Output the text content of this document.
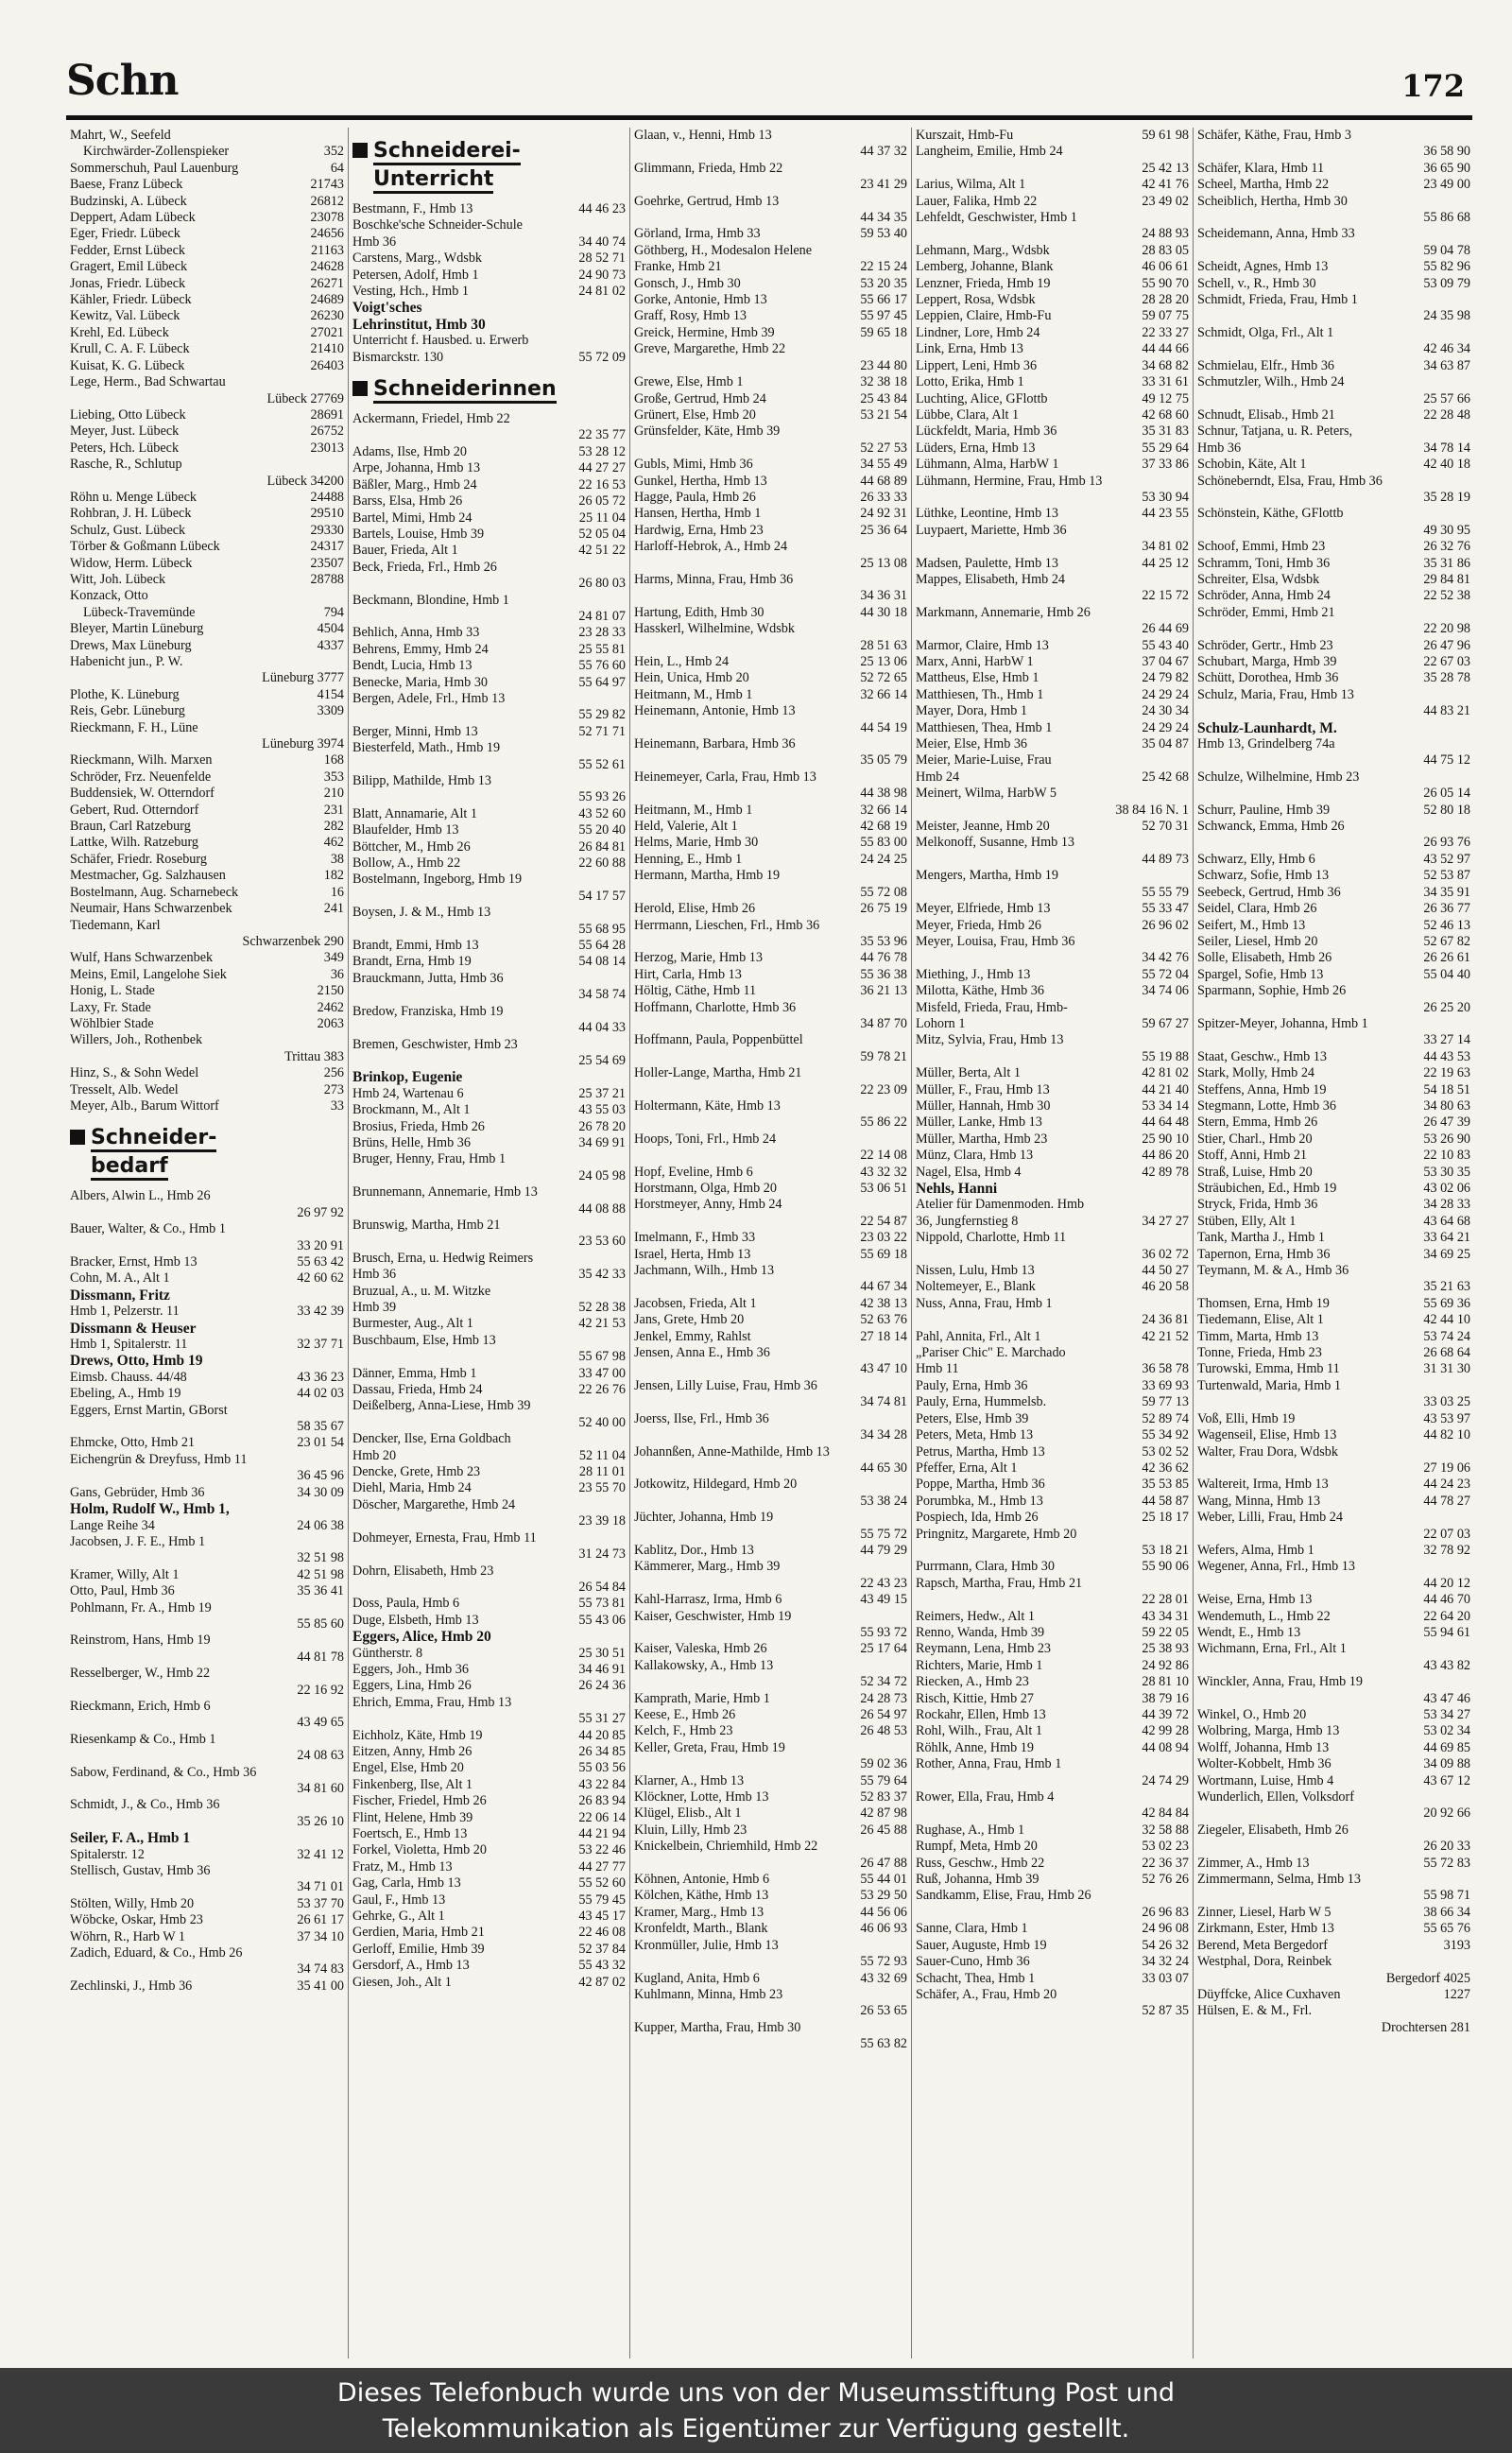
Schn	172
Mahrt, W., Seefeld
Kirchwärder-Zollenspieker	352
Sommerschuh, Paul Lauenburg	64
Baese, Franz Lübeck	21743
Budzinski, A. Lübeck	26812
Deppert, Adam Lübeck	23078
Eger, Friedr. Lübeck	24656
Fedder, Ernst Lübeck	21163
Gragert, Emil Lübeck	24628
Jonas, Friedr. Lübeck	26271
Kähler, Friedr. Lübeck	24689
Kewitz, Val. Lübeck	26230
Krehl, Ed. Lübeck	27021
Krull, C. A. F. Lübeck	21410
Kuisat, K. G. Lübeck	26403
Lege, Herm., Bad Schwartau
Lübeck 27769
Liebing, Otto Lübeck	28691
Meyer, Just. Lübeck	26752
Peters, Hch. Lübeck	23013
Rasche, R., Schlutup
Lübeck 34200
Röhn u. Menge Lübeck	24488
Rohbran, J. H. Lübeck	29510
Schulz, Gust. Lübeck	29330
Törber & Goßmann Lübeck	24317
Widow, Herm. Lübeck	23507
Witt, Joh. Lübeck	28788
Konzack, Otto
Lübeck-Travemünde	794
Bleyer, Martin Lüneburg	4504
Drews, Max Lüneburg	4337
Habenicht jun., P. W.
Lüneburg 3777
Plothe, K. Lüneburg	4154
Reis, Gebr. Lüneburg	3309
Rieckmann, F. H., Lüne
Lüneburg 3974
Rieckmann, Wilh. Marxen	168
Schröder, Frz. Neuenfelde	353
Buddensiek, W. Otterndorf	210
Gebert, Rud. Otterndorf	231
Braun, Carl Ratzeburg	282
Lattke, Wilh. Ratzeburg	462
Schäfer, Friedr. Roseburg	38
Mestmacher, Gg. Salzhausen	182
Bostelmann, Aug. Scharnebeck	16
Neumair, Hans Schwarzenbek	241
Tiedemann, Karl
Schwarzenbek 290
Wulf, Hans Schwarzenbek	349
Meins, Emil, Langelohe Siek	36
Honig, L. Stade	2150
Laxy, Fr. Stade	2462
Wöhlbier Stade	2063
Willers, Joh., Rothenbek
Trittau 383
Hinz, S., & Sohn Wedel	256
Tresselt, Alb. Wedel	273
Meyer, Alb., Barum Wittorf	33
Schneider-
bedarf

Albers, Alwin L., Hmb 26
26 97 92
Bauer, Walter, & Co., Hmb 1
33 20 91
Bracker, Ernst, Hmb 13	55 63 42
Cohn, M. A., Alt 1	42 60 62
Dissmann, Fritz
Hmb 1, Pelzerstr. 11	33 42 39
Dissmann & Heuser
Hmb 1, Spitalerstr. 11	32 37 71
Drews, Otto, Hmb 19
Eimsb. Chauss. 44/48	43 36 23
Ebeling, A., Hmb 19	44 02 03
Eggers, Ernst Martin, GBorst
58 35 67
Ehmcke, Otto, Hmb 21	23 01 54
Eichengrün & Dreyfuss, Hmb 11
36 45 96
Gans, Gebrüder, Hmb 36	34 30 09
Holm, Rudolf W., Hmb 1,
Lange Reihe 34	24 06 38
Jacobsen, J. F. E., Hmb 1
32 51 98
Kramer, Willy, Alt 1	42 51 98
Otto, Paul, Hmb 36	35 36 41
Pohlmann, Fr. A., Hmb 19
55 85 60
Reinstrom, Hans, Hmb 19
44 81 78
Resselberger, W., Hmb 22
22 16 92
Rieckmann, Erich, Hmb 6
43 49 65
Riesenkamp & Co., Hmb 1
24 08 63
Sabow, Ferdinand, & Co., Hmb 36
34 81 60
Schmidt, J., & Co., Hmb 36
35 26 10
Seiler, F. A., Hmb 1
Spitalerstr. 12	32 41 12
Stellisch, Gustav, Hmb 36
34 71 01
Stölten, Willy, Hmb 20	53 37 70
Wöbcke, Oskar, Hmb 23	26 61 17
Wöhrn, R., Harb W 1	37 34 10
Zadich, Eduard, & Co., Hmb 26
34 74 83
Zechlinski, J., Hmb 36	35 41 00
Schneiderei-
Unterricht

Bestmann, F., Hmb 13	44 46 23
Boschke'sche Schneider-Schule
Hmb 36	34 40 74
Carstens, Marg., Wdsbk	28 52 71
Petersen, Adolf, Hmb 1	24 90 73
Vesting, Hch., Hmb 1	24 81 02
Voigt'sches
Lehrinstitut, Hmb 30
Unterricht f. Hausbed. u. Erwerb
Bismarckstr. 130	55 72 09
Schneiderinnen

Ackermann, Friedel, Hmb 22
22 35 77
Adams, Ilse, Hmb 20	53 28 12
Arpe, Johanna, Hmb 13	44 27 27
Bäßler, Marg., Hmb 24	22 16 53
Barss, Elsa, Hmb 26	26 05 72
Bartel, Mimi, Hmb 24	25 11 04
Bartels, Louise, Hmb 39	52 05 04
Bauer, Frieda, Alt 1	42 51 22
Beck, Frieda, Frl., Hmb 26
26 80 03
Beckmann, Blondine, Hmb 1
24 81 07
Behlich, Anna, Hmb 33	23 28 33
Behrens, Emmy, Hmb 24	25 55 81
Bendt, Lucia, Hmb 13	55 76 60
Benecke, Maria, Hmb 30	55 64 97
Bergen, Adele, Frl., Hmb 13
55 29 82
Berger, Minni, Hmb 13	52 71 71
Biesterfeld, Math., Hmb 19
55 52 61
Bilipp, Mathilde, Hmb 13
55 93 26
Blatt, Annamarie, Alt 1	43 52 60
Blaufelder, Hmb 13	55 20 40
Böttcher, M., Hmb 26	26 84 81
Bollow, A., Hmb 22	22 60 88
Bostelmann, Ingeborg, Hmb 19
54 17 57
Boysen, J. & M., Hmb 13
55 68 95
Brandt, Emmi, Hmb 13	55 64 28
Brandt, Erna, Hmb 19	54 08 14
Brauckmann, Jutta, Hmb 36
34 58 74
Bredow, Franziska, Hmb 19
44 04 33
Bremen, Geschwister, Hmb 23
25 54 69
Brinkop, Eugenie
Hmb 24, Wartenau 6	25 37 21
Brockmann, M., Alt 1	43 55 03
Brosius, Frieda, Hmb 26	26 78 20
Brüns, Helle, Hmb 36	34 69 91
Bruger, Henny, Frau, Hmb 1
24 05 98
Brunnemann, Annemarie, Hmb 13
44 08 88
Brunswig, Martha, Hmb 21
23 53 60
Brusch, Erna, u. Hedwig Reimers
Hmb 36	35 42 33
Bruzual, A., u. M. Witzke
Hmb 39	52 28 38
Burmester, Aug., Alt 1	42 21 53
Buschbaum, Else, Hmb 13
55 67 98
Dänner, Emma, Hmb 1	33 47 00
Dassau, Frieda, Hmb 24	22 26 76
Deißelberg, Anna-Liese, Hmb 39
52 40 00
Dencker, Ilse, Erna Goldbach
Hmb 20	52 11 04
Dencke, Grete, Hmb 23	28 11 01
Diehl, Maria, Hmb 24	23 55 70
Döscher, Margarethe, Hmb 24
23 39 18
Dohmeyer, Ernesta, Frau, Hmb 11
31 24 73
Dohrn, Elisabeth, Hmb 23
26 54 84
Doss, Paula, Hmb 6	55 73 81
Duge, Elsbeth, Hmb 13	55 43 06
Eggers, Alice, Hmb 20
Güntherstr. 8	25 30 51
Eggers, Joh., Hmb 36	34 46 91
Eggers, Lina, Hmb 26	26 24 36
Ehrich, Emma, Frau, Hmb 13
55 31 27
Eichholz, Käte, Hmb 19	44 20 85
Eitzen, Anny, Hmb 26	26 34 85
Engel, Else, Hmb 20	55 03 56
Finkenberg, Ilse, Alt 1	43 22 84
Fischer, Friedel, Hmb 26	26 83 94
Flint, Helene, Hmb 39	22 06 14
Foertsch, E., Hmb 13	44 21 94
Forkel, Violetta, Hmb 20	53 22 46
Fratz, M., Hmb 13	44 27 77
Gag, Carla, Hmb 13	55 52 60
Gaul, F., Hmb 13	55 79 45
Gehrke, G., Alt 1	43 45 17
Gerdien, Maria, Hmb 21	22 46 08
Gerloff, Emilie, Hmb 39	52 37 84
Gersdorf, A., Hmb 13	55 43 32
Giesen, Joh., Alt 1	42 87 02
Glaan, v., Henni, Hmb 13
44 37 32
Glimmann, Frieda, Hmb 22
23 41 29
Goehrke, Gertrud, Hmb 13
44 34 35
Görland, Irma, Hmb 33	59 53 40
Göthberg, H., Modesalon Helene
Franke, Hmb 21	22 15 24
Gonsch, J., Hmb 30	53 20 35
Gorke, Antonie, Hmb 13	55 66 17
Graff, Rosy, Hmb 13	55 97 45
Greick, Hermine, Hmb 39	59 65 18
Greve, Margarethe, Hmb 22
23 44 80
Grewe, Else, Hmb 1	32 38 18
Große, Gertrud, Hmb 24	25 43 84
Grünert, Else, Hmb 20	53 21 54
Grünsfelder, Käte, Hmb 39
52 27 53
Gubls, Mimi, Hmb 36	34 55 49
Gunkel, Hertha, Hmb 13	44 68 89
Hagge, Paula, Hmb 26	26 33 33
Hansen, Hertha, Hmb 1	24 92 31
Hardwig, Erna, Hmb 23	25 36 64
Harloff-Hebrok, A., Hmb 24
25 13 08
Harms, Minna, Frau, Hmb 36
34 36 31
Hartung, Edith, Hmb 30	44 30 18
Hasskerl, Wilhelmine, Wdsbk
28 51 63
Hein, L., Hmb 24	25 13 06
Hein, Unica, Hmb 20	52 72 65
Heitmann, M., Hmb 1	32 66 14
Heinemann, Antonie, Hmb 13
44 54 19
Heinemann, Barbara, Hmb 36
35 05 79
Heinemeyer, Carla, Frau, Hmb 13
44 38 98
Heitmann, M., Hmb 1	32 66 14
Held, Valerie, Alt 1	42 68 19
Helms, Marie, Hmb 30	55 83 00
Henning, E., Hmb 1	24 24 25
Hermann, Martha, Hmb 19
55 72 08
Herold, Elise, Hmb 26	26 75 19
Herrmann, Lieschen, Frl., Hmb 36
35 53 96
Herzog, Marie, Hmb 13	44 76 78
Hirt, Carla, Hmb 13	55 36 38
Höltig, Cäthe, Hmb 11	36 21 13
Hoffmann, Charlotte, Hmb 36
34 87 70
Hoffmann, Paula, Poppenbüttel
59 78 21
Holler-Lange, Martha, Hmb 21
22 23 09
Holtermann, Käte, Hmb 13
55 86 22
Hoops, Toni, Frl., Hmb 24
22 14 08
Hopf, Eveline, Hmb 6	43 32 32
Horstmann, Olga, Hmb 20	53 06 51
Horstmeyer, Anny, Hmb 24
22 54 87
Imelmann, F., Hmb 33	23 03 22
Israel, Herta, Hmb 13	55 69 18
Jachmann, Wilh., Hmb 13
44 67 34
Jacobsen, Frieda, Alt 1	42 38 13
Jans, Grete, Hmb 20	52 63 76
Jenkel, Emmy, Rahlst	27 18 14
Jensen, Anna E., Hmb 36
43 47 10
Jensen, Lilly Luise, Frau, Hmb 36
34 74 81
Joerss, Ilse, Frl., Hmb 36
34 34 28
Johannßen, Anne-Mathilde, Hmb 13
44 65 30
Jotkowitz, Hildegard, Hmb 20
53 38 24
Jüchter, Johanna, Hmb 19
55 75 72
Kablitz, Dor., Hmb 13	44 79 29
Kämmerer, Marg., Hmb 39
22 43 23
Kahl-Harrasz, Irma, Hmb 6	43 49 15
Kaiser, Geschwister, Hmb 19
55 93 72
Kaiser, Valeska, Hmb 26	25 17 64
Kallakowsky, A., Hmb 13
52 34 72
Kamprath, Marie, Hmb 1	24 28 73
Keese, E., Hmb 26	26 54 97
Kelch, F., Hmb 23	26 48 53
Keller, Greta, Frau, Hmb 19
59 02 36
Klarner, A., Hmb 13	55 79 64
Klöckner, Lotte, Hmb 13	52 83 37
Klügel, Elisb., Alt 1	42 87 98
Kluin, Lilly, Hmb 23	26 45 88
Knickelbein, Chriemhild, Hmb 22
26 47 88
Köhnen, Antonie, Hmb 6	55 44 01
Kölchen, Käthe, Hmb 13	53 29 50
Kramer, Marg., Hmb 13	44 56 06
Kronfeldt, Marth., Blank	46 06 93
Kronmüller, Julie, Hmb 13
55 72 93
Kugland, Anita, Hmb 6	43 32 69
Kuhlmann, Minna, Hmb 23
26 53 65
Kupper, Martha, Frau, Hmb 30
55 63 82
Kurszait, Hmb-Fu	59 61 98
Langheim, Emilie, Hmb 24
25 42 13
Larius, Wilma, Alt 1	42 41 76
Lauer, Falika, Hmb 22	23 49 02
Lehfeldt, Geschwister, Hmb 1
24 88 93
Lehmann, Marg., Wdsbk	28 83 05
Lemberg, Johanne, Blank	46 06 61
Lenzner, Frieda, Hmb 19	55 90 70
Leppert, Rosa, Wdsbk	28 28 20
Leppien, Claire, Hmb-Fu	59 07 75
Lindner, Lore, Hmb 24	22 33 27
Link, Erna, Hmb 13	44 44 66
Lippert, Leni, Hmb 36	34 68 82
Lotto, Erika, Hmb 1	33 31 61
Luchting, Alice, GFlottb	49 12 75
Lübbe, Clara, Alt 1	42 68 60
Lückfeldt, Maria, Hmb 36	35 31 83
Lüders, Erna, Hmb 13	55 29 64
Lühmann, Alma, HarbW 1	37 33 86
Lühmann, Hermine, Frau, Hmb 13
53 30 94
Lüthke, Leontine, Hmb 13	44 23 55
Luypaert, Mariette, Hmb 36
34 81 02
Madsen, Paulette, Hmb 13	44 25 12
Mappes, Elisabeth, Hmb 24
22 15 72
Markmann, Annemarie, Hmb 26
26 44 69
Marmor, Claire, Hmb 13	55 43 40
Marx, Anni, HarbW 1	37 04 67
Mattheus, Else, Hmb 1	24 79 82
Matthiesen, Th., Hmb 1	24 29 24
Mayer, Dora, Hmb 1	24 30 34
Matthiesen, Thea, Hmb 1	24 29 24
Meier, Else, Hmb 36	35 04 87
Meier, Marie-Luise, Frau
Hmb 24	25 42 68
Meinert, Wilma, HarbW 5
38 84 16 N. 1
Meister, Jeanne, Hmb 20	52 70 31
Melkonoff, Susanne, Hmb 13
44 89 73
Mengers, Martha, Hmb 19
55 55 79
Meyer, Elfriede, Hmb 13	55 33 47
Meyer, Frieda, Hmb 26	26 96 02
Meyer, Louisa, Frau, Hmb 36
34 42 76
Miething, J., Hmb 13	55 72 04
Milotta, Käthe, Hmb 36	34 74 06
Misfeld, Frieda, Frau, Hmb-
Lohorn 1	59 67 27
Mitz, Sylvia, Frau, Hmb 13
55 19 88
Müller, Berta, Alt 1	42 81 02
Müller, F., Frau, Hmb 13	44 21 40
Müller, Hannah, Hmb 30	53 34 14
Müller, Lanke, Hmb 13	44 64 48
Müller, Martha, Hmb 23	25 90 10
Münz, Clara, Hmb 13	44 86 20
Nagel, Elsa, Hmb 4	42 89 78
Nehls, Hanni
Atelier für Damenmoden. Hmb
36, Jungfernstieg 8	34 27 27
Nippold, Charlotte, Hmb 11
36 02 72
Nissen, Lulu, Hmb 13	44 50 27
Noltemeyer, E., Blank	46 20 58
Nuss, Anna, Frau, Hmb 1
24 36 81
Pahl, Annita, Frl., Alt 1	42 21 52
„Pariser Chic" E. Marchado
Hmb 11	36 58 78
Pauly, Erna, Hmb 36	33 69 93
Pauly, Erna, Hummelsb.	59 77 13
Peters, Else, Hmb 39	52 89 74
Peters, Meta, Hmb 13	55 34 92
Petrus, Martha, Hmb 13	53 02 52
Pfeffer, Erna, Alt 1	42 36 62
Poppe, Martha, Hmb 36	35 53 85
Porumbka, M., Hmb 13	44 58 87
Pospiech, Ida, Hmb 26	25 18 17
Pringnitz, Margarete, Hmb 20
53 18 21
Purrmann, Clara, Hmb 30	55 90 06
Rapsch, Martha, Frau, Hmb 21
22 28 01
Reimers, Hedw., Alt 1	43 34 31
Renno, Wanda, Hmb 39	59 22 05
Reymann, Lena, Hmb 23	25 38 93
Richters, Marie, Hmb 1	24 92 86
Riecken, A., Hmb 23	28 81 10
Risch, Kittie, Hmb 27	38 79 16
Rockahr, Ellen, Hmb 13	44 39 72
Rohl, Wilh., Frau, Alt 1	42 99 28
Röhlk, Anne, Hmb 19	44 08 94
Rother, Anna, Frau, Hmb 1
24 74 29
Rower, Ella, Frau, Hmb 4
42 84 84
Rughase, A., Hmb 1	32 58 88
Rumpf, Meta, Hmb 20	53 02 23
Russ, Geschw., Hmb 22	22 36 37
Ruß, Johanna, Hmb 39	52 76 26
Sandkamm, Elise, Frau, Hmb 26
26 96 83
Sanne, Clara, Hmb 1	24 96 08
Sauer, Auguste, Hmb 19	54 26 32
Sauer-Cuno, Hmb 36	34 32 24
Schacht, Thea, Hmb 1	33 03 07
Schäfer, A., Frau, Hmb 20
52 87 35
Schäfer, Käthe, Frau, Hmb 3
36 58 90
Schäfer, Klara, Hmb 11	36 65 90
Scheel, Martha, Hmb 22	23 49 00
Scheiblich, Hertha, Hmb 30
55 86 68
Scheidemann, Anna, Hmb 33
59 04 78
Scheidt, Agnes, Hmb 13	55 82 96
Schell, v., R., Hmb 30	53 09 79
Schmidt, Frieda, Frau, Hmb 1
24 35 98
Schmidt, Olga, Frl., Alt 1
42 46 34
Schmielau, Elfr., Hmb 36	34 63 87
Schmutzler, Wilh., Hmb 24
25 57 66
Schnudt, Elisab., Hmb 21	22 28 48
Schnur, Tatjana, u. R. Peters,
Hmb 36	34 78 14
Schobin, Käte, Alt 1	42 40 18
Schöneberndt, Elsa, Frau, Hmb 36
35 28 19
Schönstein, Käthe, GFlottb
49 30 95
Schoof, Emmi, Hmb 23	26 32 76
Schramm, Toni, Hmb 36	35 31 86
Schreiter, Elsa, Wdsbk	29 84 81
Schröder, Anna, Hmb 24	22 52 38
Schröder, Emmi, Hmb 21
22 20 98
Schröder, Gertr., Hmb 23	26 47 96
Schubart, Marga, Hmb 39	22 67 03
Schütt, Dorothea, Hmb 36	35 28 78
Schulz, Maria, Frau, Hmb 13
44 83 21
Schulz-Launhardt, M.
Hmb 13, Grindelberg 74a
44 75 12
Schulze, Wilhelmine, Hmb 23
26 05 14
Schurr, Pauline, Hmb 39	52 80 18
Schwanck, Emma, Hmb 26
26 93 76
Schwarz, Elly, Hmb 6	43 52 97
Schwarz, Sofie, Hmb 13	52 53 87
Seebeck, Gertrud, Hmb 36	34 35 91
Seidel, Clara, Hmb 26	26 36 77
Seifert, M., Hmb 13	52 46 13
Seiler, Liesel, Hmb 20	52 67 82
Solle, Elisabeth, Hmb 26	26 26 61
Spargel, Sofie, Hmb 13	55 04 40
Sparmann, Sophie, Hmb 26
26 25 20
Spitzer-Meyer, Johanna, Hmb 1
33 27 14
Staat, Geschw., Hmb 13	44 43 53
Stark, Molly, Hmb 24	22 19 63
Steffens, Anna, Hmb 19	54 18 51
Stegmann, Lotte, Hmb 36	34 80 63
Stern, Emma, Hmb 26	26 47 39
Stier, Charl., Hmb 20	53 26 90
Stoff, Anni, Hmb 21	22 10 83
Straß, Luise, Hmb 20	53 30 35
Sträubichen, Ed., Hmb 19	43 02 06
Stryck, Frida, Hmb 36	34 28 33
Stüben, Elly, Alt 1	43 64 68
Tank, Martha J., Hmb 1	33 64 21
Tapernon, Erna, Hmb 36	34 69 25
Teymann, M. & A., Hmb 36
35 21 63
Thomsen, Erna, Hmb 19	55 69 36
Tiedemann, Elise, Alt 1	42 44 10
Timm, Marta, Hmb 13	53 74 24
Tonne, Frieda, Hmb 23	26 68 64
Turowski, Emma, Hmb 11	31 31 30
Turtenwald, Maria, Hmb 1
33 03 25
Voß, Elli, Hmb 19	43 53 97
Wagenseil, Elise, Hmb 13	44 82 10
Walter, Frau Dora, Wdsbk
27 19 06
Waltereit, Irma, Hmb 13	44 24 23
Wang, Minna, Hmb 13	44 78 27
Weber, Lilli, Frau, Hmb 24
22 07 03
Wefers, Alma, Hmb 1	32 78 92
Wegener, Anna, Frl., Hmb 13
44 20 12
Weise, Erna, Hmb 13	44 46 70
Wendemuth, L., Hmb 22	22 64 20
Wendt, E., Hmb 13	55 94 61
Wichmann, Erna, Frl., Alt 1
43 43 82
Winckler, Anna, Frau, Hmb 19
43 47 46
Winkel, O., Hmb 20	53 34 27
Wolbring, Marga, Hmb 13	53 02 34
Wolff, Johanna, Hmb 13	44 69 85
Wolter-Kobbelt, Hmb 36	34 09 88
Wortmann, Luise, Hmb 4	43 67 12
Wunderlich, Ellen, Volksdorf
20 92 66
Ziegeler, Elisabeth, Hmb 26
26 20 33
Zimmer, A., Hmb 13	55 72 83
Zimmermann, Selma, Hmb 13
55 98 71
Zinner, Liesel, Harb W 5	38 66 34
Zirkmann, Ester, Hmb 13	55 65 76
Berend, Meta Bergedorf	3193
Westphal, Dora, Reinbek
Bergedorf 4025
Düyffcke, Alice Cuxhaven	1227
Hülsen, E. & M., Frl.
Drochtersen 281
Dieses Telefonbuch wurde uns von der Museumsstiftung Post und
Telekommunikation als Eigentümer zur Verfügung gestellt.
